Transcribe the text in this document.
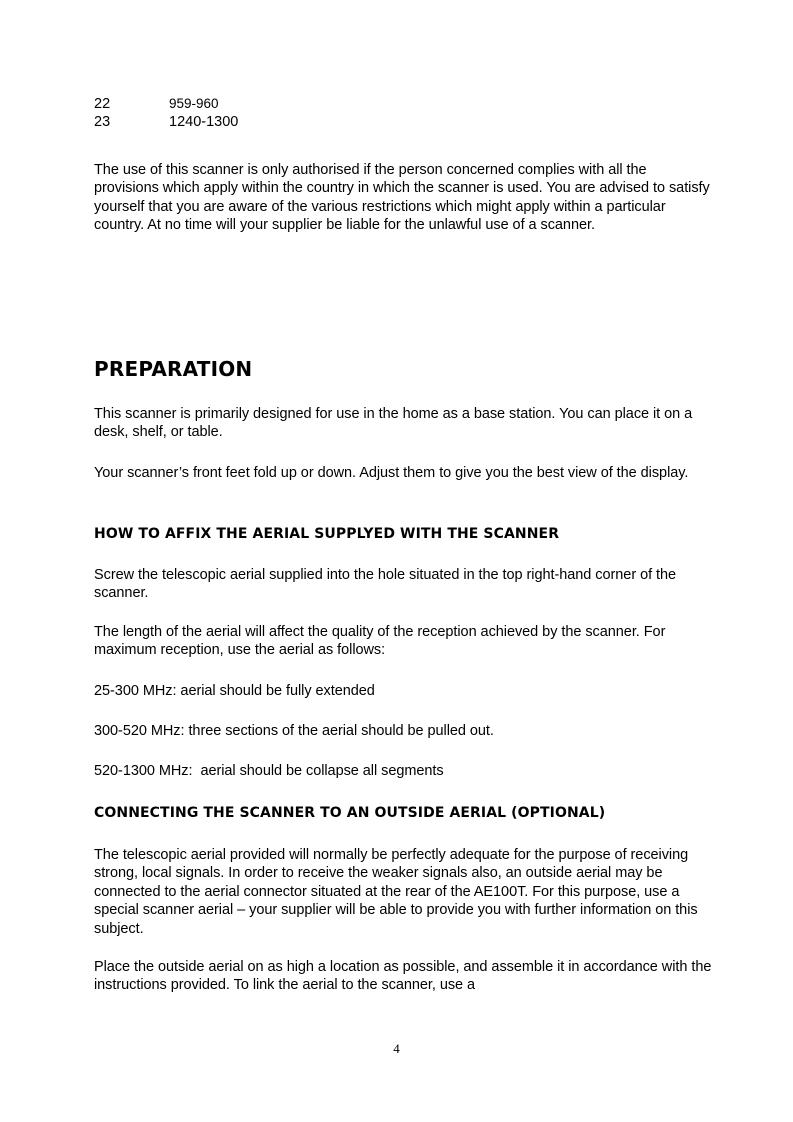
22	959-960
23	1240-1300

The use of this scanner is only authorised if the person concerned complies with all the provisions which apply within the country in which the scanner is used. You are advised to satisfy yourself that you are aware of the various restrictions which might apply within a particular country. At no time will your supplier be liable for the unlawful use of a scanner.

PREPARATION

This scanner is primarily designed for use in the home as a base station. You can place it on a desk, shelf, or table.

Your scanner’s front feet fold up or down. Adjust them to give you the best view of the display.

HOW TO AFFIX THE AERIAL SUPPLYED WITH THE SCANNER

Screw the telescopic aerial supplied into the hole situated in the top right-hand corner of the scanner.

The length of the aerial will affect the quality of the reception achieved by the scanner. For maximum reception, use the aerial as follows:

25-300 MHz: aerial should be fully extended

300-520 MHz: three sections of the aerial should be pulled out.

520-1300 MHz:  aerial should be collapse all segments

CONNECTING THE SCANNER TO AN OUTSIDE AERIAL (OPTIONAL)

The telescopic aerial provided will normally be perfectly adequate for the purpose of receiving strong, local signals. In order to receive the weaker signals also, an outside aerial may be connected to the aerial connector situated at the rear of the AE100T. For this purpose, use a special scanner aerial – your supplier will be able to provide you with further information on this subject.

Place the outside aerial on as high a location as possible, and assemble it in accordance with the instructions provided. To link the aerial to the scanner, use a

4
